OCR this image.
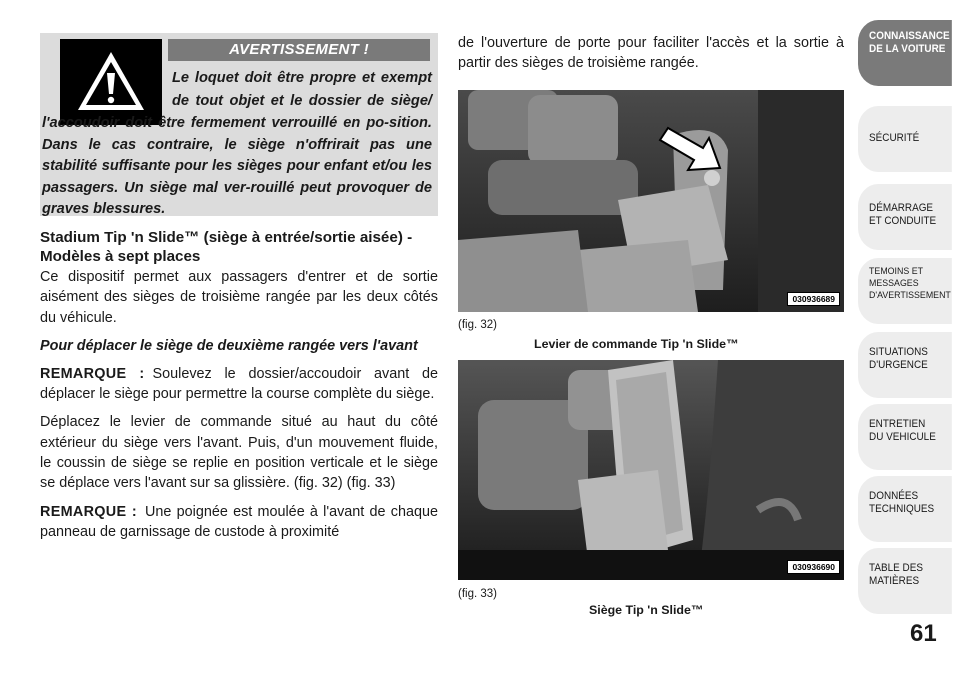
AVERTISSEMENT !
Le loquet doit être propre et exempt de tout objet et le dossier de siège/
l'accoudoir doit être fermement verrouillé en po-sition. Dans le cas contraire, le siège n'offrirait pas une stabilité suffisante pour les sièges pour enfant et/ou les passagers. Un siège mal ver-rouillé peut provoquer de graves blessures.
Stadium Tip 'n Slide™ (siège à entrée/sortie aisée) - Modèles à sept places

Ce dispositif permet aux passagers d'entrer et de sortie aisément des sièges de troisième rangée par les deux côtés du véhicule.

Pour déplacer le siège de deuxième rangée vers l'avant

REMARQUE : Soulevez le dossier/accoudoir avant de déplacer le siège pour permettre la course complète du siège.

Déplacez le levier de commande situé au haut du côté extérieur du siège vers l'avant. Puis, d'un mouvement fluide, le coussin de siège se replie en position verticale et le siège se déplace vers l'avant sur sa glissière. (fig. 32) (fig. 33)

REMARQUE : Une poignée est moulée à l'avant de chaque panneau de garnissage de custode à proximité

de l'ouverture de porte pour faciliter l'accès et la sortie à partir des sièges de troisième rangée.
030936689
(fig. 32)
Levier de commande Tip 'n Slide™
030936690
(fig. 33)
Siège Tip 'n Slide™
CONNAISSANCE
DE LA VOITURE
SÉCURITÉ
DÉMARRAGE
ET CONDUITE
TEMOINS ET
MESSAGES
D'AVERTISSEMENT
SITUATIONS
D'URGENCE
ENTRETIEN
DU VEHICULE
DONNÉES
TECHNIQUES
TABLE DES
MATIÈRES
61
